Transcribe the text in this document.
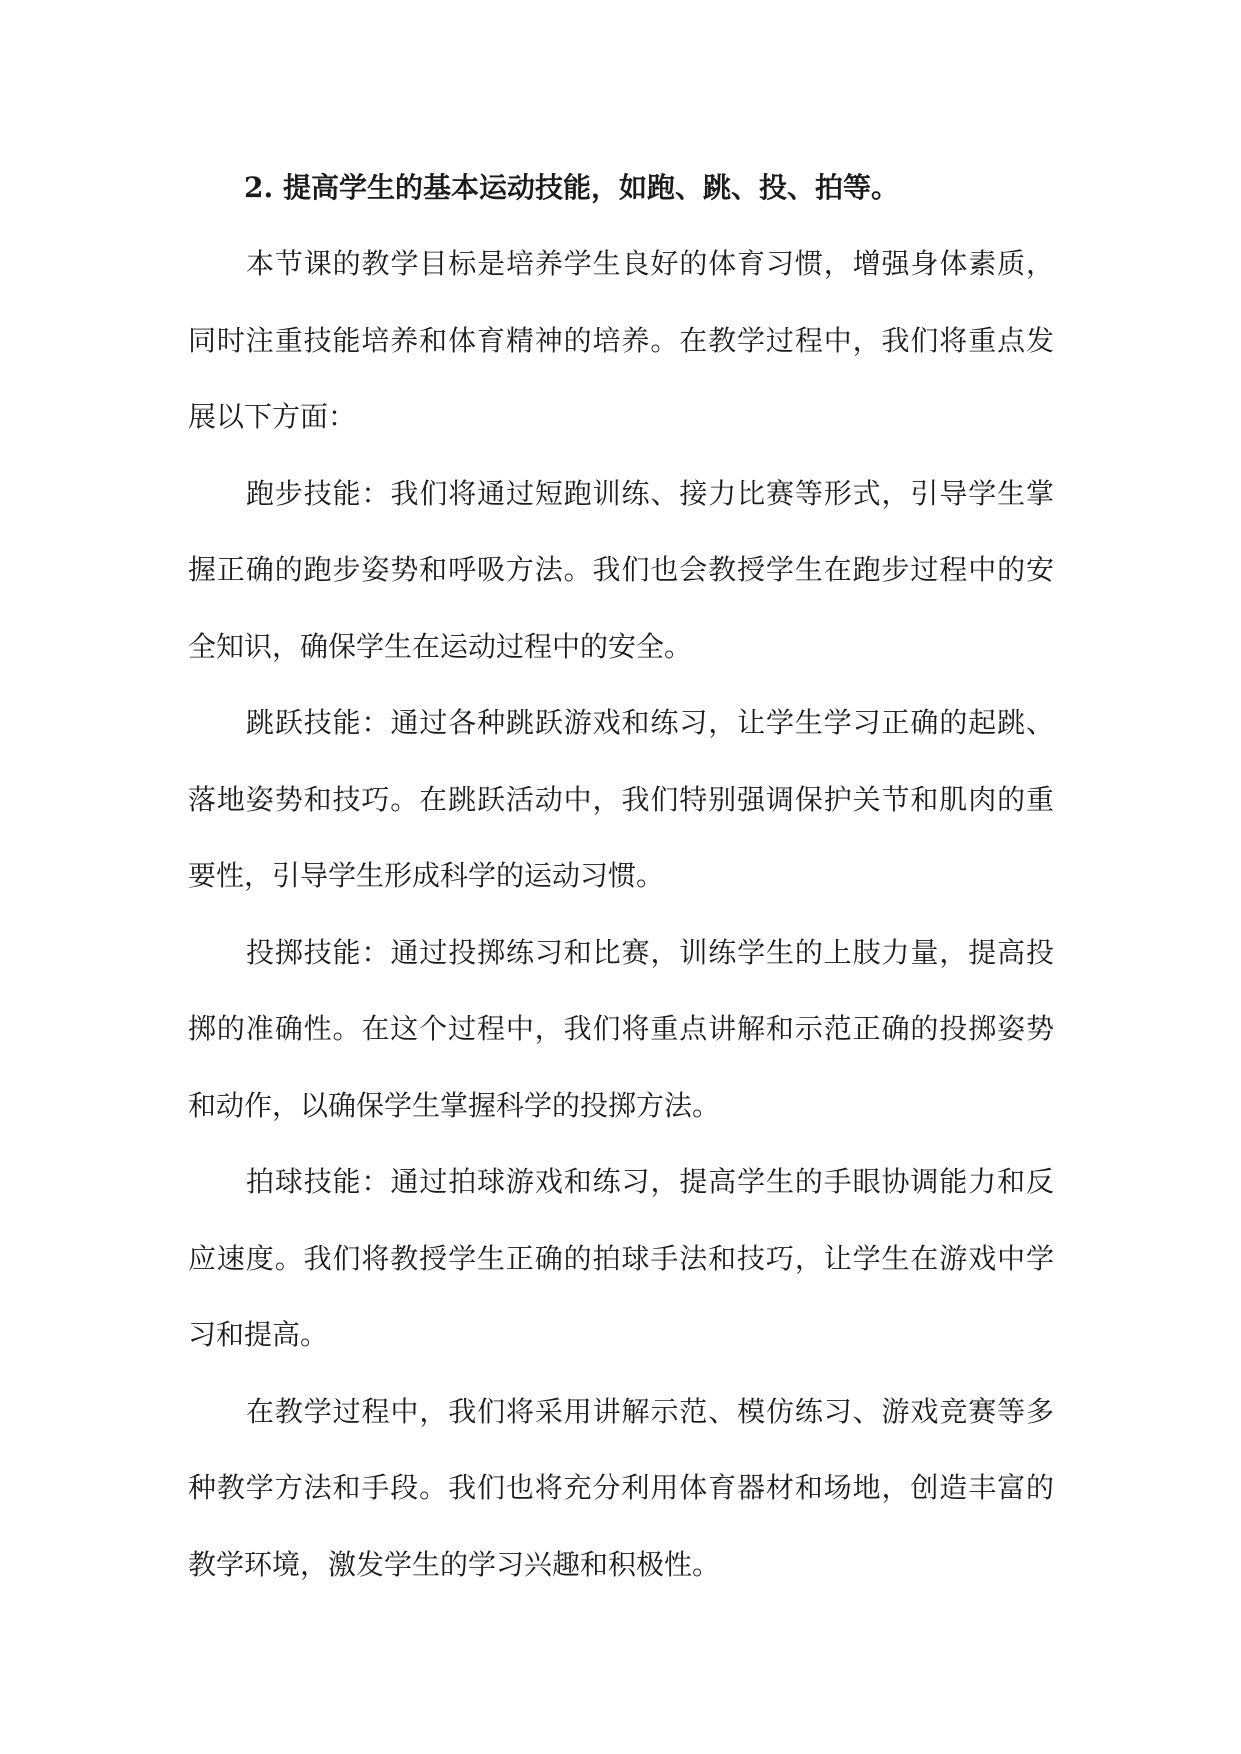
2. 提高学生的基本运动技能，如跑、跳、投、拍等。

本节课的教学目标是培养学生良好的体育习惯，增强身体素质，同时注重技能培养和体育精神的培养。在教学过程中，我们将重点发展以下方面：

跑步技能：我们将通过短跑训练、接力比赛等形式，引导学生掌握正确的跑步姿势和呼吸方法。我们也会教授学生在跑步过程中的安全知识，确保学生在运动过程中的安全。

跳跃技能：通过各种跳跃游戏和练习，让学生学习正确的起跳、落地姿势和技巧。在跳跃活动中，我们特别强调保护关节和肌肉的重要性，引导学生形成科学的运动习惯。

投掷技能：通过投掷练习和比赛，训练学生的上肢力量，提高投掷的准确性。在这个过程中，我们将重点讲解和示范正确的投掷姿势和动作，以确保学生掌握科学的投掷方法。

拍球技能：通过拍球游戏和练习，提高学生的手眼协调能力和反应速度。我们将教授学生正确的拍球手法和技巧，让学生在游戏中学习和提高。

在教学过程中，我们将采用讲解示范、模仿练习、游戏竞赛等多种教学方法和手段。我们也将充分利用体育器材和场地，创造丰富的教学环境，激发学生的学习兴趣和积极性。
